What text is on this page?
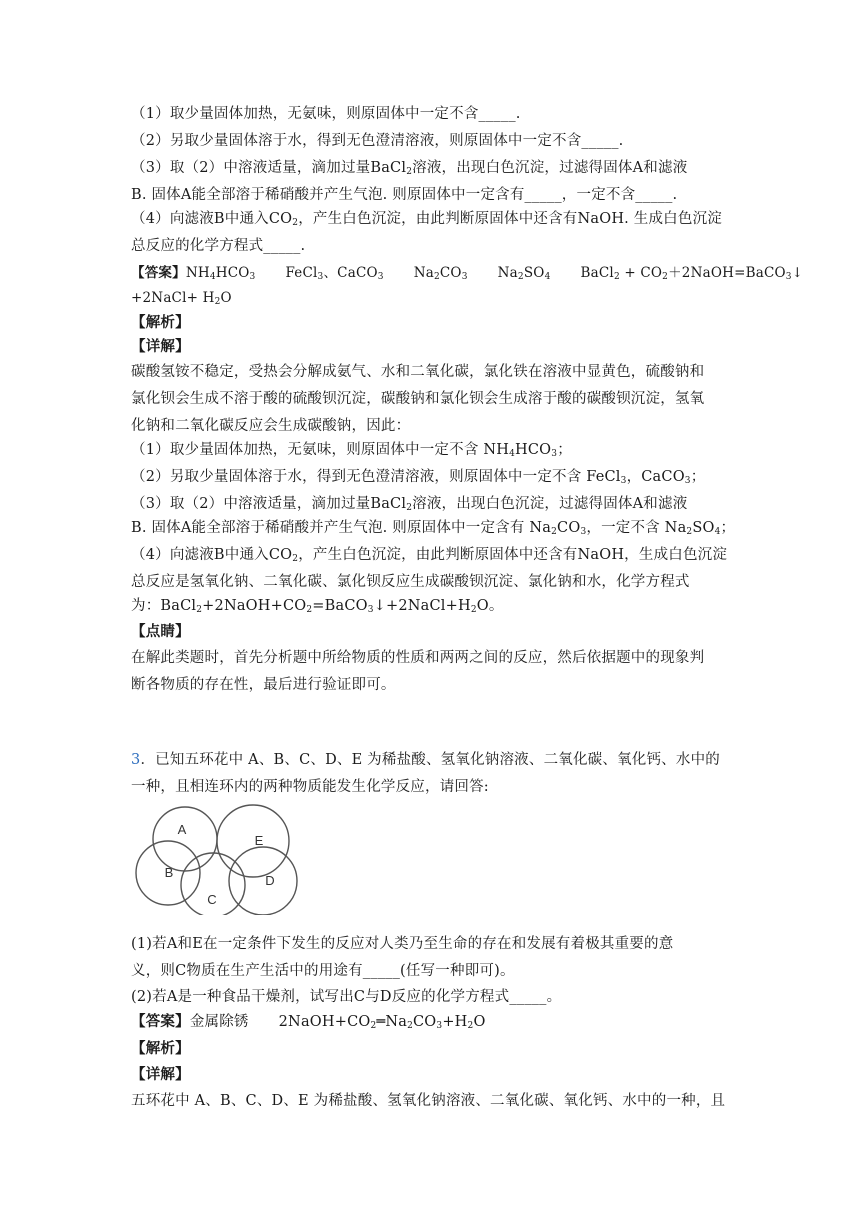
（1）取少量固体加热，无氨味，则原固体中一定不含_____.
（2）另取少量固体溶于水，得到无色澄清溶液，则原固体中一定不含_____.
（3）取（2）中溶液适量，滴加过量BaCl$_2$溶液，出现白色沉淀，过滤得固体A和滤液
B. 固体A能全部溶于稀硝酸并产生气泡. 则原固体中一定含有_____，一定不含_____.
（4）向滤液B中通入$CO_2$，产生白色沉淀，由此判断原固体中还含有NaOH. 生成白色沉淀
总反应的化学方程式_____.
【答案】$NH_4HCO_3$ FeCl$_3$、CaCO$_3$ $Na_2CO_3$ $Na_2SO_4$ BaCl$_2$ + $CO_2+2NaOH=BaCO_3↓$
+2NaCl+ $H_2O$
【解析】
【详解】
碳酸氢铵不稳定，受热会分解成氨气、水和二氧化碳，氯化铁在溶液中显黄色，硫酸钠和
氯化钡会生成不溶于酸的硫酸钡沉淀，碳酸钠和氯化钡会生成溶于酸的碳酸钡沉淀，氢氧
化钠和二氧化碳反应会生成碳酸钠，因此：
（1）取少量固体加热，无氨味，则原固体中一定不含 $NH_4HCO_3$；
（2）另取少量固体溶于水，得到无色澄清溶液，则原固体中一定不含 FeCl$_3$，CaCO$_3$；
（3）取（2）中溶液适量，滴加过量BaCl$_2$溶液，出现白色沉淀，过滤得固体A和滤液
B. 固体A能全部溶于稀硝酸并产生气泡. 则原固体中一定含有 $Na_2CO_3$，一定不含 $Na_2SO_4$；
（4）向滤液B中通入$CO_2$，产生白色沉淀，由此判断原固体中还含有NaOH，生成白色沉淀
总反应是氢氧化钠、二氧化碳、氯化钡反应生成碳酸钡沉淀、氯化钠和水，化学方程式
为：$BaCl_2+2NaOH+CO_2=BaCO_3↓+2NaCl+H_2O$。
【点睛】
在解此类题时，首先分析题中所给物质的性质和两两之间的反应，然后依据题中的现象判
断各物质的存在性，最后进行验证即可。
3．已知五环花中 A、B、C、D、E 为稀盐酸、氢氧化钠溶液、二氧化碳、氧化钙、水中的
一种，且相连环内的两种物质能发生化学反应，请回答:
A
E
B
D
C
(1)若A和E在一定条件下发生的反应对人类乃至生命的存在和发展有着极其重要的意
义，则C物质在生产生活中的用途有_____(任写一种即可)。
(2)若A是一种食品干燥剂，试写出C与D反应的化学方程式_____。
【答案】金属除锈 $2NaOH+CO_2═Na_2CO_3+H_2O$
【解析】
【详解】
五环花中 A、B、C、D、E 为稀盐酸、氢氧化钠溶液、二氧化碳、氧化钙、水中的一种，且
